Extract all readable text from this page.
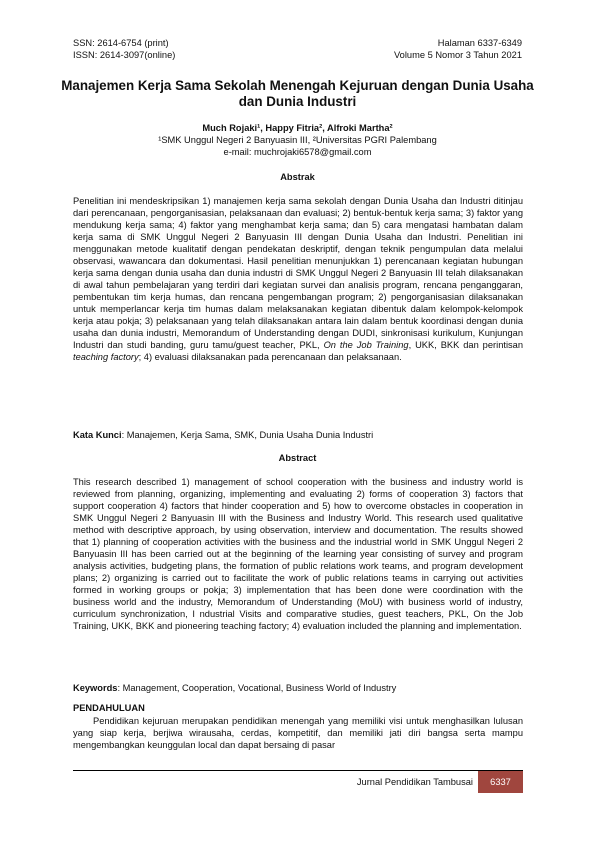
SSN: 2614-6754 (print)
ISSN: 2614-3097(online)
Halaman 6337-6349
Volume 5 Nomor 3 Tahun 2021
Manajemen Kerja Sama Sekolah Menengah Kejuruan dengan Dunia Usaha dan Dunia Industri
Much Rojaki¹, Happy Fitria², Alfroki Martha²
¹SMK Unggul Negeri 2 Banyuasin III, ²Universitas PGRI Palembang
e-mail: muchrojaki6578@gmail.com
Abstrak
Penelitian ini mendeskripsikan 1) manajemen kerja sama sekolah dengan Dunia Usaha dan Industri ditinjau dari perencanaan, pengorganisasian, pelaksanaan dan evaluasi; 2) bentuk-bentuk kerja sama; 3) faktor yang mendukung kerja sama; 4) faktor yang menghambat kerja sama; dan 5) cara mengatasi hambatan dalam kerja sama di SMK Unggul Negeri 2 Banyuasin III dengan Dunia Usaha dan Industri. Penelitian ini menggunakan metode kualitatif dengan pendekatan deskriptif, dengan teknik pengumpulan data melalui observasi, wawancara dan dokumentasi. Hasil penelitian menunjukkan 1) perencanaan kegiatan hubungan kerja sama dengan dunia usaha dan dunia industri di SMK Unggul Negeri 2 Banyuasin III telah dilaksanakan di awal tahun pembelajaran yang terdiri dari kegiatan survei dan analisis program, rencana penganggaran, pembentukan tim kerja humas, dan rencana pengembangan program; 2) pengorganisasian dilaksanakan untuk memperlancar kerja tim humas dalam melaksanakan kegiatan dibentuk dalam kelompok-kelompok kerja atau pokja; 3) pelaksanaan yang telah dilaksanakan antara lain dalam bentuk koordinasi dengan dunia usaha dan dunia industri, Memorandum of Understanding dengan DUDI, sinkronisasi kurikulum, Kunjungan Industri dan studi banding, guru tamu/guest teacher, PKL, On the Job Training, UKK, BKK dan perintisan teaching factory; 4) evaluasi dilaksanakan pada perencanaan dan pelaksanaan.
Kata Kunci: Manajemen, Kerja Sama, SMK, Dunia Usaha Dunia Industri
Abstract
This research described 1) management of school cooperation with the business and industry world is reviewed from planning, organizing, implementing and evaluating 2) forms of cooperation 3) factors that support cooperation 4) factors that hinder cooperation and 5) how to overcome obstacles in cooperation in SMK Unggul Negeri 2 Banyuasin III with the Business and Industry World. This research used qualitative method with descriptive approach, by using observation, interview and documentation. The results showed that 1) planning of cooperation activities with the business and the industrial world in SMK Unggul Negeri 2 Banyuasin III has been carried out at the beginning of the learning year consisting of survey and program analysis activities, budgeting plans, the formation of public relations work teams, and program development plans; 2) organizing is carried out to facilitate the work of public relations teams in carrying out activities formed in working groups or pokja; 3) implementation that has been done were coordination with the business world and the industry, Memorandum of Understanding (MoU) with business world of industry, curriculum synchronization, I ndustrial Visits and comparative studies, guest teachers, PKL, On the Job Training, UKK, BKK and pioneering teaching factory; 4) evaluation included the planning and implementation.
Keywords: Management, Cooperation, Vocational, Business World of Industry
PENDAHULUAN
Pendidikan kejuruan merupakan pendidikan menengah yang memiliki visi untuk menghasilkan lulusan yang siap kerja, berjiwa wirausaha, cerdas, kompetitif, dan memiliki jati diri bangsa serta mampu mengembangkan keunggulan local dan dapat bersaing di pasar
Jurnal Pendidikan Tambusai	6337
